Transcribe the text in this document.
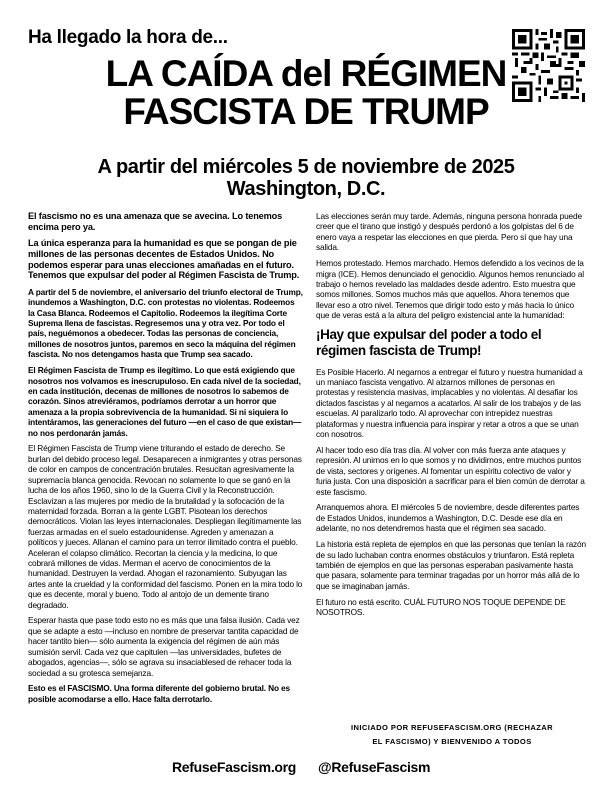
Ha llegado la hora de...
LA CAÍDA del RÉGIMEN
FASCISTA DE TRUMP
A partir del miércoles 5 de noviembre de 2025
Washington, D.C.

El fascismo no es una amenaza que se avecina. Lo tenemos encima pero ya.

La única esperanza para la humanidad es que se pongan de pie millones de las personas decentes de Estados Unidos. No podemos esperar para unas elecciones amañadas en el futuro. Tenemos que expulsar del poder al Régimen Fascista de Trump.

A partir del 5 de noviembre, el aniversario del triunfo electoral de Trump, inundemos a Washington, D.C. con protestas no violentas. Rodeemos la Casa Blanca. Rodeemos el Capitolio. Rodeemos la ilegítima Corte Suprema llena de fascistas. Regresemos una y otra vez. Por todo el país, neguémonos a obedecer. Todas las personas de conciencia, millones de nosotros juntos, paremos en seco la máquina del régimen fascista. No nos detengamos hasta que Trump sea sacado.

El Régimen Fascista de Trump es ilegítimo. Lo que está exigiendo que nosotros nos volvamos es inescrupuloso. En cada nivel de la sociedad, en cada institución, decenas de millones de nosotros lo sabemos de corazón. Sinos atreviéramos, podríamos derrotar a un horror que amenaza a la propia sobrevivencia de la humanidad. Si ni siquiera lo intentáramos, las generaciones del futuro —en el caso de que existan— no nos perdonarán jamás.

El Régimen Fascista de Trump viene triturando el estado de derecho. Se burlan del debido proceso legal. Desaparecen a inmigrantes y otras personas de color en campos de concentración brutales. Resucitan agresivamente la supremacía blanca genocida. Revocan no solamente lo que se ganó en la lucha de los años 1960, sino lo de la Guerra Civil y la Reconstrucción. Esclavizan a las mujeres por medio de la brutalidad y la sofocación de la maternidad forzada. Borran a la gente LGBT. Pisotean los derechos democráticos. Violan las leyes internacionales. Despliegan ilegítimamente las fuerzas armadas en el suelo estadounidense. Agreden y amenazan a políticos y jueces. Allanan el camino para un terror ilimitado contra el pueblo. Aceleran el colapso climático. Recortan la ciencia y la medicina, lo que cobrará millones de vidas. Merman el acervo de conocimientos de la humanidad. Destruyen la verdad. Ahogan el razonamiento. Subyugan las artes ante la crueldad y la conformidad del fascismo. Ponen en la mira todo lo que es decente, moral y bueno. Todo al antojo de un demente tirano degradado.

Esperar hasta que pase todo esto no es más que una falsa ilusión. Cada vez que se adapte a esto —incluso en nombre de preservar tantita capacidad de hacer tantito bien— sólo aumenta la exigencia del régimen de aún más sumisión servil. Cada vez que capitulen —las universidades, bufetes de abogados, agencias—, sólo se agrava su insaciablesed de rehacer toda la sociedad a su grotesca semejanza.

Esto es el FASCISMO. Una forma diferente del gobierno brutal. No es posible acomodarse a ello. Hace falta derrotarlo.

Las elecciones serán muy tarde. Además, ninguna persona honrada puede creer que el tirano que instigó y después perdonó a los golpistas del 6 de enero vaya a respetar las elecciones en que pierda. Pero sí que hay una salida.

Hemos protestado. Hemos marchado. Hemos defendido a los vecinos de la migra (ICE). Hemos denunciado el genocidio. Algunos hemos renunciado al trabajo o hemos revelado las maldades desde adentro. Esto muestra que somos millones. Somos muchos más que aquellos. Ahora tenemos que llevar eso a otro nivel. Tenemos que dirigir todo esto y más hacia lo único que de veras está a la altura del peligro existencial ante la humanidad:

¡Hay que expulsar del poder a todo el régimen fascista de Trump!

Es Posible Hacerlo. Al negarnos a entregar el futuro y nuestra humanidad a un maniaco fascista vengativo. Al alzarnos millones de personas en protestas y resistencia masivas, implacables y no violentas. Al desafiar los dictados fascistas y al negarnos a acatarlos. Al salir de los trabajos y de las escuelas. Al paralizarlo todo. Al aprovechar con intrepidez nuestras plataformas y nuestra influencia para inspirar y retar a otros a que se unan con nosotros.

Al hacer todo eso día tras día. Al volver con más fuerza ante ataques y represión. Al unirnos en lo que somos y no dividirnos, entre muchos puntos de vista, sectores y orígenes. Al fomentar un espíritu colectivo de valor y furia justa. Con una disposición a sacrificar para el bien común de derrotar a este fascismo.

Arranquemos ahora. El miércoles 5 de noviembre, desde diferentes partes de Estados Unidos, inundemos a Washington, D.C. Desde ese día en adelante, no nos detendremos hasta que el régimen sea sacado.

La historia está repleta de ejemplos en que las personas que tenían la razón de su lado luchaban contra enormes obstáculos y triunfaron. Está repleta también de ejemplos en que las personas esperaban pasivamente hasta que pasara, solamente para terminar tragadas por un horror más allá de lo que se imaginaban jamás.

El futuro no está escrito. CUÁL FUTURO NOS TOQUE DEPENDE DE NOSOTROS.

INICIADO POR REFUSEFASCISM.ORG (RECHAZAR
EL FASCISMO) Y BIENVENIDO A TODOS
RefuseFascism.org @RefuseFascism
